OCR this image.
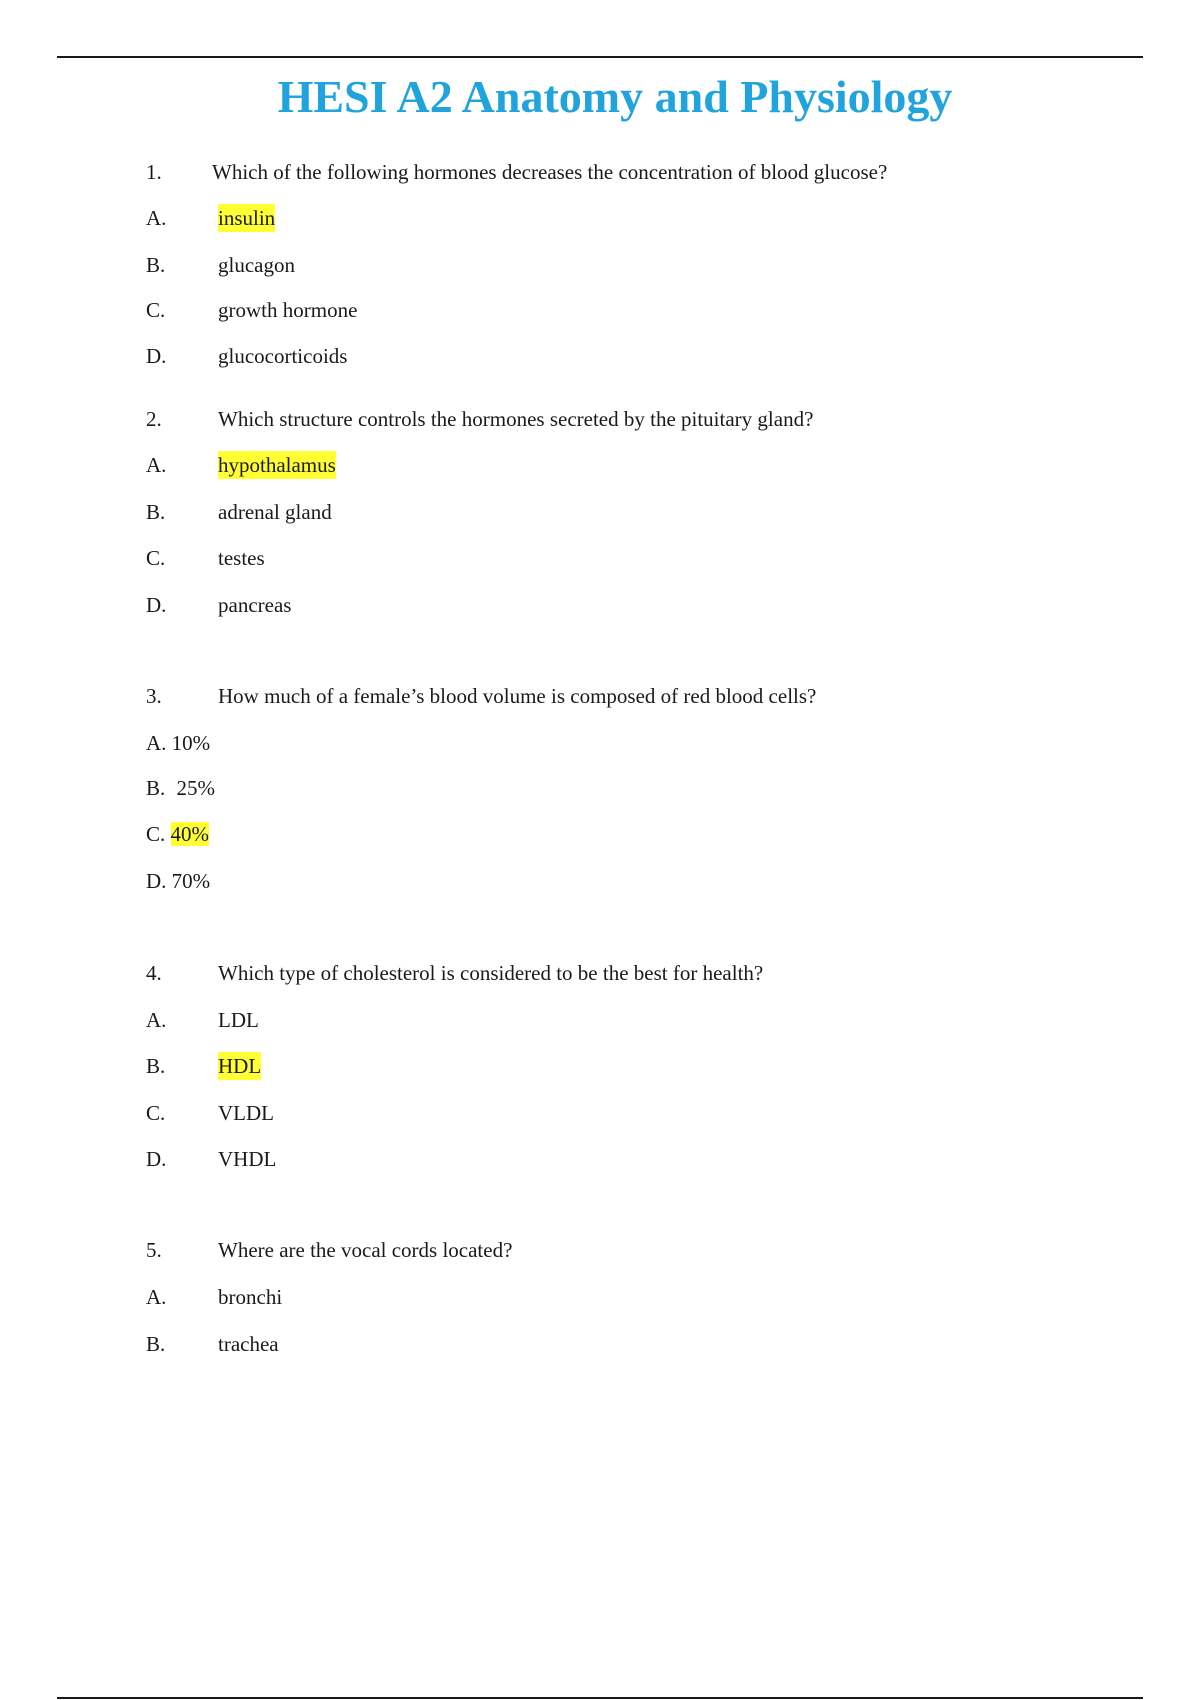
HESI A2 Anatomy and Physiology
1. Which of the following hormones decreases the concentration of blood glucose?
A. insulin
B.	glucagon
C.	growth hormone
D. glucocorticoids
2.	Which structure controls the hormones secreted by the pituitary gland?
A. hypothalamus
B.	adrenal gland
C.	testes
D. pancreas
3.	How much of a female’s blood volume is composed of red blood cells?
A. 10%
B. 25%
C. 40%
D. 70%
4.	Which type of cholesterol is considered to be the best for health?
A. LDL
B.	HDL
C.	VLDL
D. VHDL
5.	Where are the vocal cords located?
A. bronchi
B.	trachea
